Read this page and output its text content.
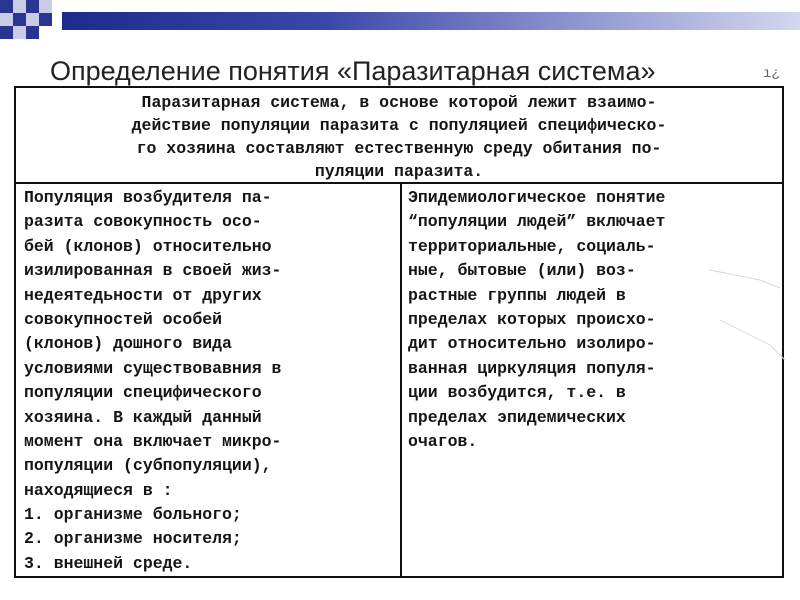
Определение понятия «Паразитарная система»	ı¿
Паразитарная система, в основе которой лежит взаимо-
действие популяции паразита с популяцией специфическо-
го хозяина составляют естественную среду обитания по-
пуляции паразита.
Популяция возбудителя па-
разита совокупность осо-
бей (клонов) относительно
изилированная в своей жиз-
недеятедьности от других
совокупностей особей
(клонов) дошного вида
условиями существовавния в
популяции специфического
хозяина. В каждый данный
момент она включает микро-
популяции (субпопуляции),
находящиеся в :
1. организме больного;
2. организме носителя;
3. внешней среде.
Эпидемиологическое понятие
“популяции людей” включает
территориальные, социаль-
ные, бытовые (или) воз-
растные группы людей в
пределах которых происхо-
дит относительно изолиро-
ванная циркуляция популя-
ции возбудится, т.е. в
пределах эпидемических
очагов.
